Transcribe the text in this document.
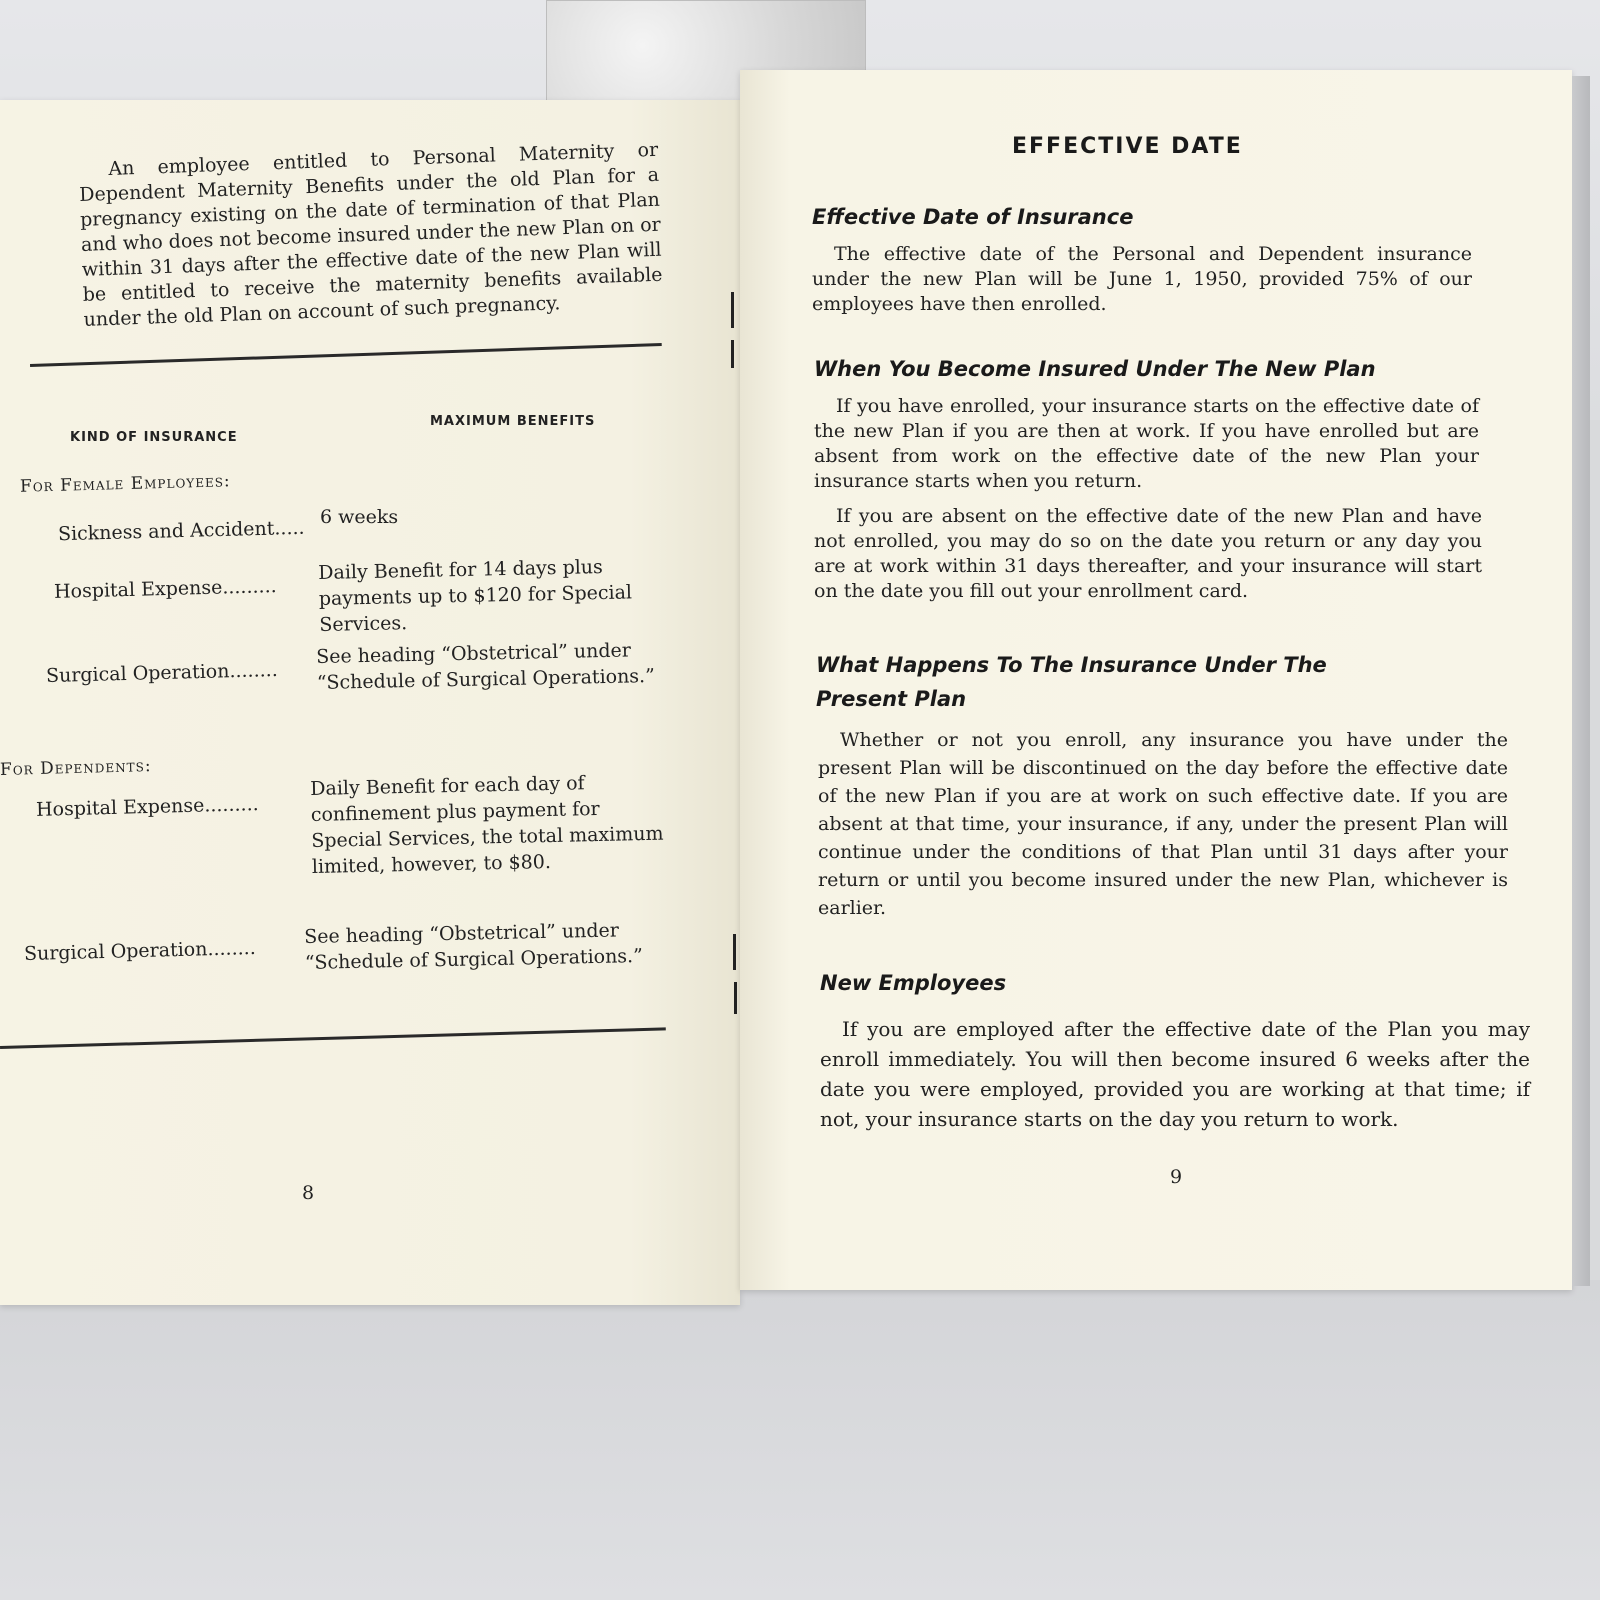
An employee entitled to Personal Maternity or Dependent Maternity Benefits under the old Plan for a pregnancy existing on the date of termination of that Plan and who does not become insured under the new Plan on or within 31 days after the effective date of the new Plan will be entitled to receive the maternity benefits available under the old Plan on account of such pregnancy.
KIND OF INSURANCE
MAXIMUM BENEFITS
For Female Employees:
Sickness and Accident..... 6 weeks
Hospital Expense.........
Daily Benefit for 14 days plus payments up to $120 for Special Services.
Surgical Operation........
See heading “Obstetrical” under “Schedule of Surgical Operations.”
For Dependents:
Hospital Expense.........
Daily Benefit for each day of confinement plus payment for Special Services, the total maximum limited, however, to $80.
Surgical Operation........
See heading “Obstetrical” under “Schedule of Surgical Operations.”
8
EFFECTIVE DATE
Effective Date of Insurance
The effective date of the Personal and Dependent insurance under the new Plan will be June 1, 1950, provided 75% of our employees have then enrolled.
When You Become Insured Under The New Plan
If you have enrolled, your insurance starts on the effective date of the new Plan if you are then at work. If you have enrolled but are absent from work on the effective date of the new Plan your insurance starts when you return.
If you are absent on the effective date of the new Plan and have not enrolled, you may do so on the date you return or any day you are at work within 31 days thereafter, and your insurance will start on the date you fill out your enrollment card.
What Happens To The Insurance Under The Present Plan
Whether or not you enroll, any insurance you have under the present Plan will be discontinued on the day before the effective date of the new Plan if you are at work on such effective date. If you are absent at that time, your insurance, if any, under the present Plan will continue under the conditions of that Plan until 31 days after your return or until you become insured under the new Plan, whichever is earlier.
New Employees
If you are employed after the effective date of the Plan you may enroll immediately. You will then become insured 6 weeks after the date you were employed, provided you are working at that time; if not, your insurance starts on the day you return to work.
9
